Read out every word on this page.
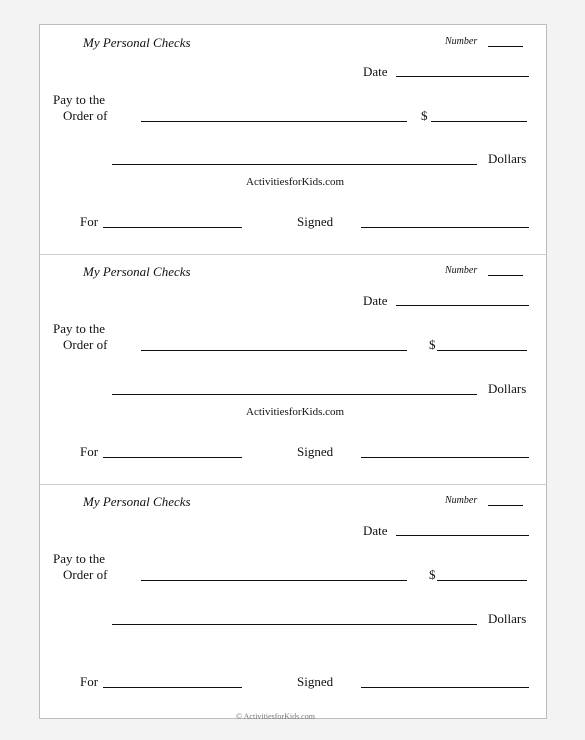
My Personal Checks	Number
Date
Pay to the
Order of	$
Dollars
ActivitiesforKids.com
For	Signed
My Personal Checks	Number
Date
Pay to the
Order of	$
Dollars
ActivitiesforKids.com
For	Signed
My Personal Checks	Number
Date
Pay to the
Order of	$
Dollars
For	Signed
© ActivitiesforKids.com
